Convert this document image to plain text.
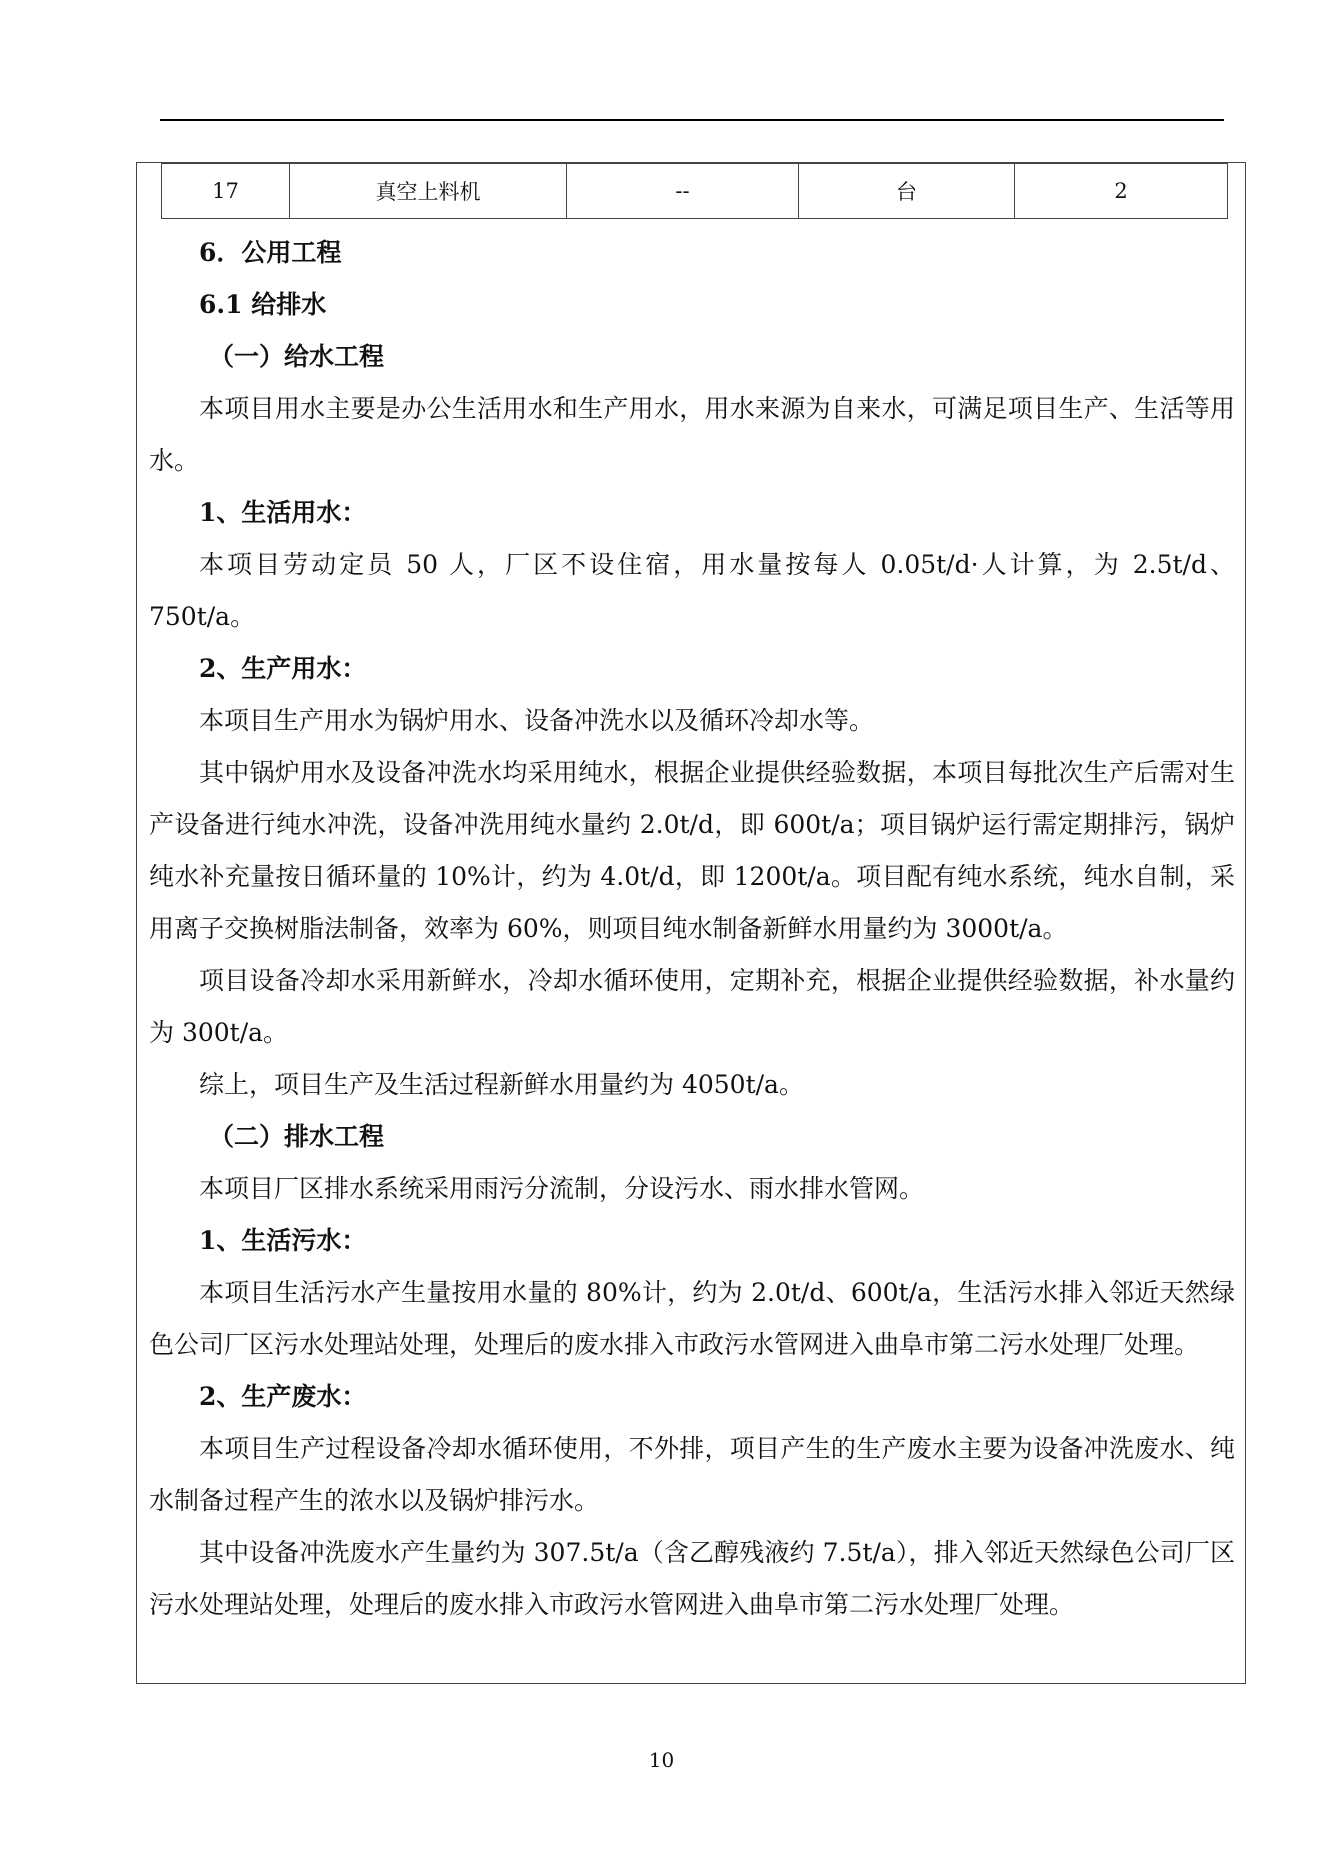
17	真空上料机	--	台	2

6．公用工程

6.1 给排水

（一）给水工程

本项目用水主要是办公生活用水和生产用水，用水来源为自来水，可满足项目生产、生活等用水。

1、生活用水：

本项目劳动定员 50 人，厂区不设住宿，用水量按每人 0.05t/d·人计算，为 2.5t/d、750t/a。

2、生产用水：

本项目生产用水为锅炉用水、设备冲洗水以及循环冷却水等。

其中锅炉用水及设备冲洗水均采用纯水，根据企业提供经验数据，本项目每批次生产后需对生产设备进行纯水冲洗，设备冲洗用纯水量约 2.0t/d，即 600t/a；项目锅炉运行需定期排污，锅炉纯水补充量按日循环量的 10%计，约为 4.0t/d，即 1200t/a。项目配有纯水系统，纯水自制，采用离子交换树脂法制备，效率为 60%，则项目纯水制备新鲜水用量约为 3000t/a。

项目设备冷却水采用新鲜水，冷却水循环使用，定期补充，根据企业提供经验数据，补水量约为 300t/a。

综上，项目生产及生活过程新鲜水用量约为 4050t/a。

（二）排水工程

本项目厂区排水系统采用雨污分流制，分设污水、雨水排水管网。

1、生活污水：

本项目生活污水产生量按用水量的 80%计，约为 2.0t/d、600t/a，生活污水排入邻近天然绿色公司厂区污水处理站处理，处理后的废水排入市政污水管网进入曲阜市第二污水处理厂处理。

2、生产废水：

本项目生产过程设备冷却水循环使用，不外排，项目产生的生产废水主要为设备冲洗废水、纯水制备过程产生的浓水以及锅炉排污水。

其中设备冲洗废水产生量约为 307.5t/a（含乙醇残液约 7.5t/a），排入邻近天然绿色公司厂区污水处理站处理，处理后的废水排入市政污水管网进入曲阜市第二污水处理厂处理。

10
